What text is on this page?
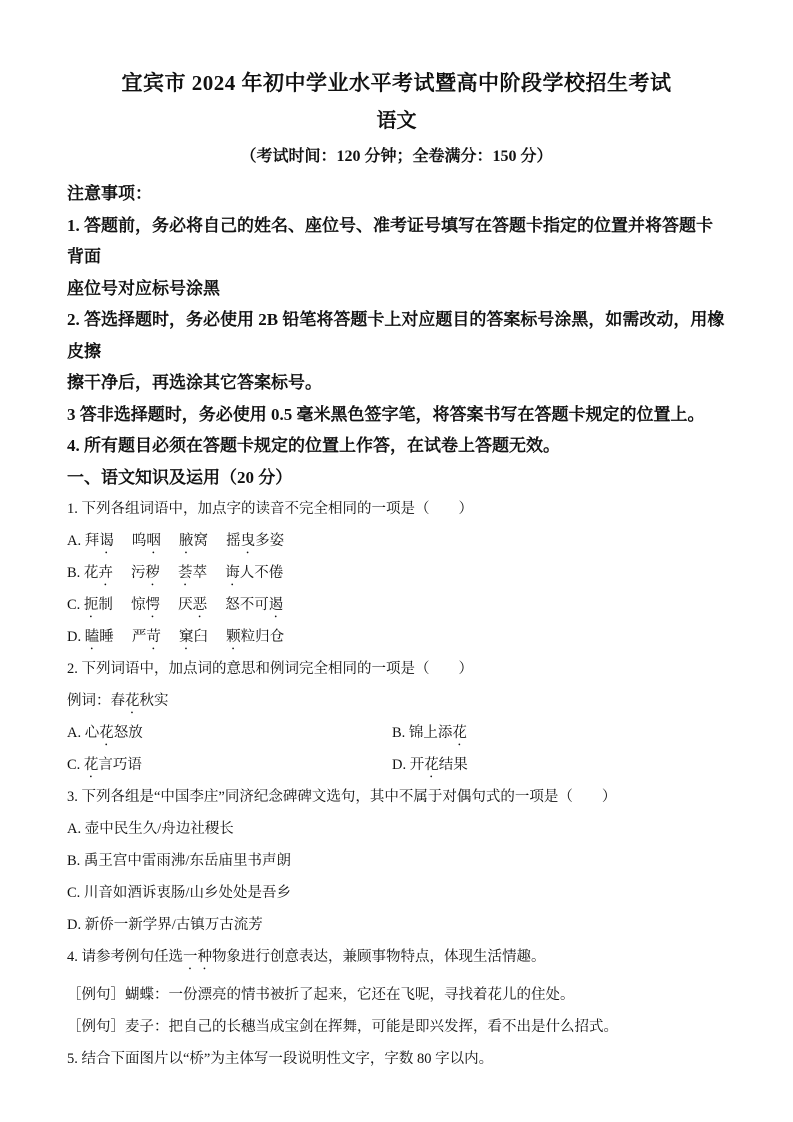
宜宾市 2024 年初中学业水平考试暨高中阶段学校招生考试
语文

（考试时间：120 分钟；全卷满分：150 分）

注意事项：

1. 答题前，务必将自己的姓名、座位号、准考证号填写在答题卡指定的位置并将答题卡背面

座位号对应标号涂黑

2. 答选择题时，务必使用 2B 铅笔将答题卡上对应题目的答案标号涂黑，如需改动，用橡皮擦

擦干净后，再选涂其它答案标号。

3 答非选择题时，务必使用 0.5 毫米黑色签字笔，将答案书写在答题卡规定的位置上。

4. 所有题目必须在答题卡规定的位置上作答，在试卷上答题无效。

一、语文知识及运用（20 分）

1. 下列各组词语中，加点字的读音不完全相同的一项是（　　）

A. 拜谒　 呜咽　 腋窝　 摇曳多姿

B. 花卉　 污秽　 荟萃　 诲人不倦

C. 扼制　 惊愕　 厌恶　 怒不可遏

D. 瞌睡　 严苛　 窠臼　 颗粒归仓

2. 下列词语中，加点词的意思和例词完全相同的一项是（　　）

例词：春花秋实

A. 心花怒放	B. 锦上添花

C. 花言巧语	D. 开花结果

3. 下列各组是“中国李庄”同济纪念碑碑文选句，其中不属于对偶句式的一项是（　　）

A. 壶中民生久/舟边社稷长

B. 禹王宫中雷雨沸/东岳庙里书声朗

C. 川音如酒诉衷肠/山乡处处是吾乡

D. 新侨一新学界/古镇万古流芳

4. 请参考例句任选一种物象进行创意表达，兼顾事物特点，体现生活情趣。

［例句］蝴蝶：一份漂亮的情书被折了起来，它还在飞呢，寻找着花儿的住处。

［例句］麦子：把自己的长穗当成宝剑在挥舞，可能是即兴发挥，看不出是什么招式。

5. 结合下面图片以“桥”为主体写一段说明性文字，字数 80 字以内。
